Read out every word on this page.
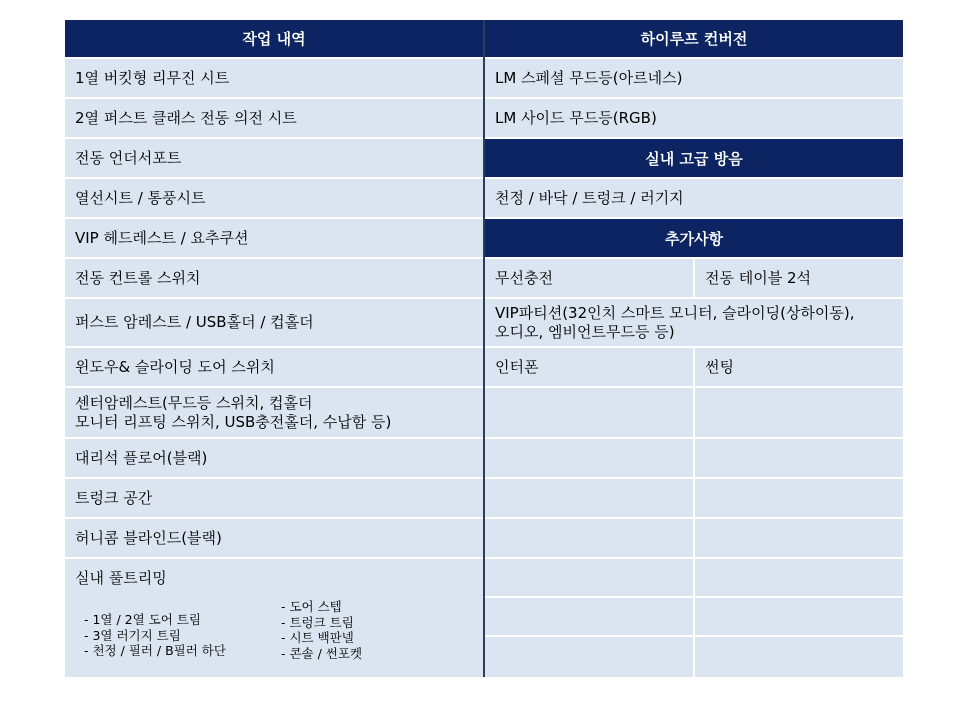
작업 내역
1열 버킷형 리무진 시트
2열 퍼스트 클래스 전동 의전 시트
전동 언더서포트
열선시트 / 통풍시트
VIP 헤드레스트 / 요추쿠션
전동 컨트롤 스위치
퍼스트 암레스트 / USB홀더 / 컵홀더
윈도우& 슬라이딩 도어 스위치
센터암레스트(무드등 스위치, 컵홀더
모니터 리프팅 스위치, USB충전홀더, 수납함 등)
대리석 플로어(블랙)
트렁크 공간
허니콤 블라인드(블랙)
실내 풀트리밍
- 1열 / 2열 도어 트림
- 3열 러기지 트림
- 천정 / 필러 / B필러 하단
- 도어 스텝
- 트렁크 트림
- 시트 백판넬
- 콘솔 / 썬포켓
하이루프 컨버전
LM 스페셜 무드등(아르네스)
LM 사이드 무드등(RGB)
실내 고급 방음
천정 / 바닥 / 트렁크 / 러기지
추가사항
무선충전	전동 테이블 2석
VIP파티션(32인치 스마트 모니터, 슬라이딩(상하이동),
오디오, 엠비언트무드등 등)
인터폰	썬팅
